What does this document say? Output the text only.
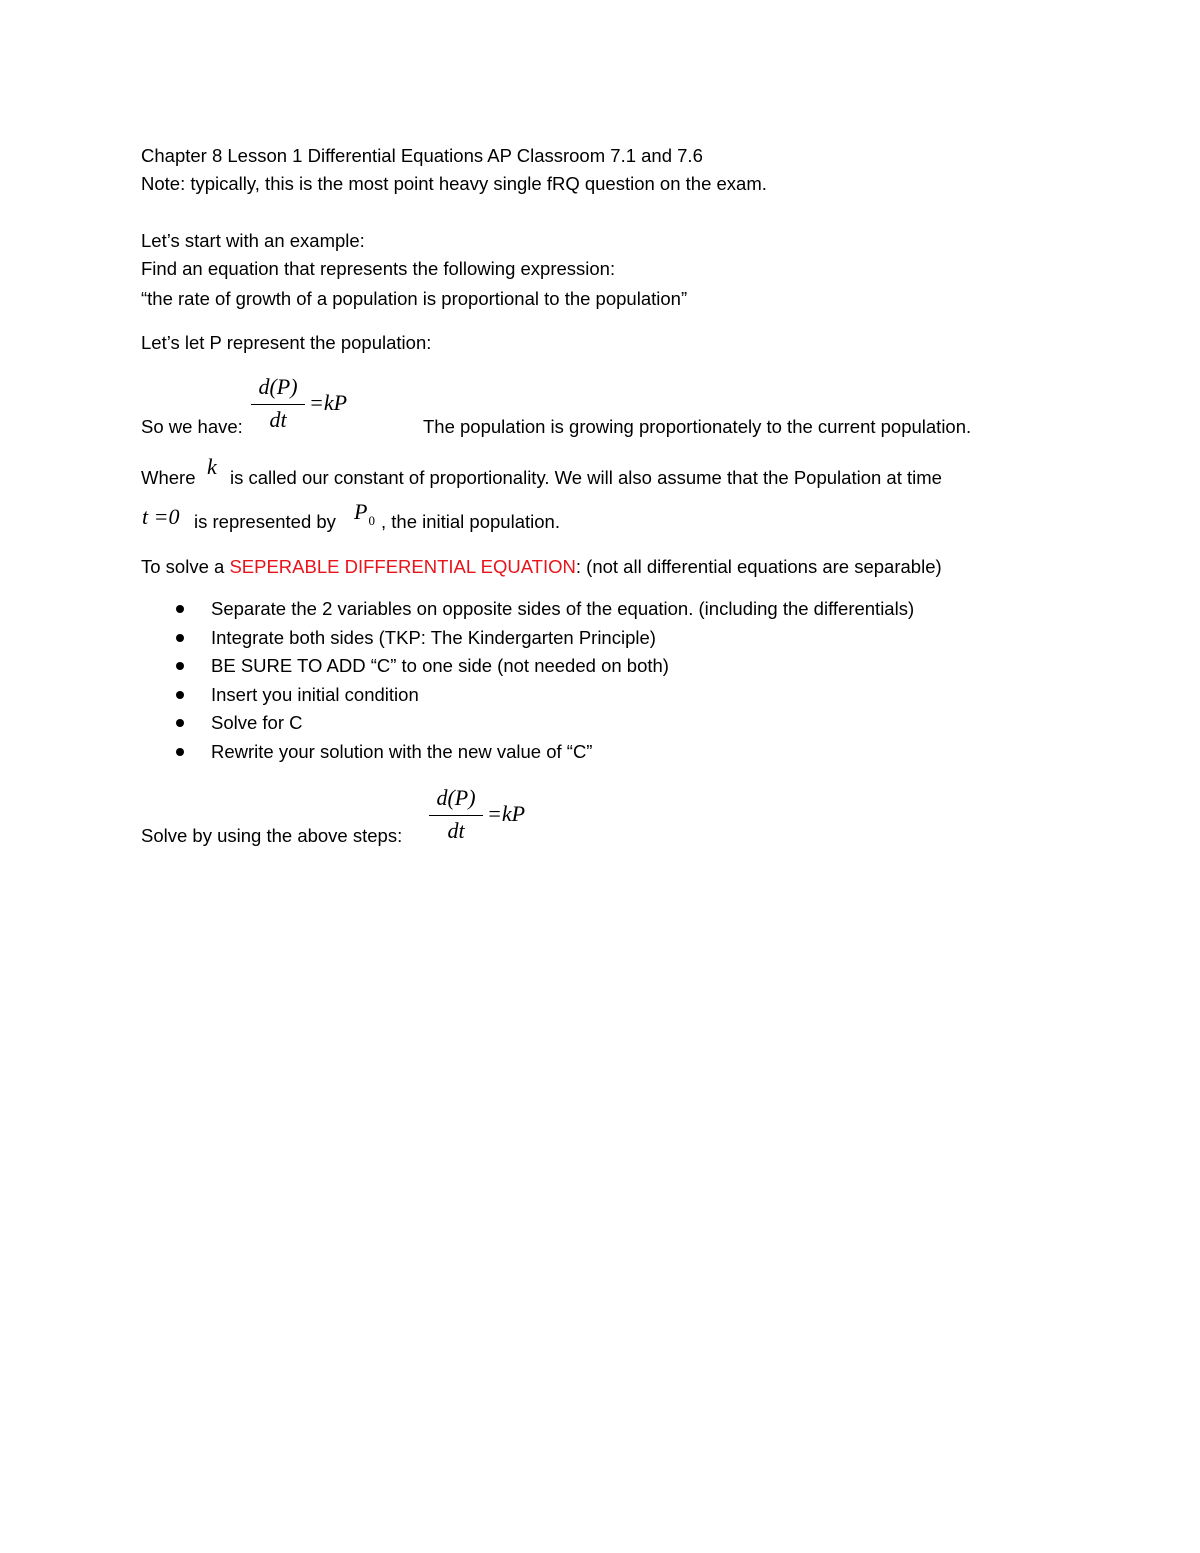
Chapter 8 Lesson 1 Differential Equations AP Classroom 7.1 and 7.6
Note: typically, this is the most point heavy single fRQ question on the exam.
Let’s start with an example:
Find an equation that represents the following expression:
“the rate of growth of a population is proportional to the population”
Let’s let P represent the population:
d(P)
dt
=kP
So we have:	The population is growing proportionately to the current population.
Where k is called our constant of proportionality. We will also assume that the Population at time
t =0 is represented by $P_0$ , the initial population.
To solve a SEPERABLE DIFFERENTIAL EQUATION: (not all differential equations are separable)
Separate the 2 variables on opposite sides of the equation. (including the differentials)
Integrate both sides (TKP: The Kindergarten Principle)
BE SURE TO ADD “C” to one side (not needed on both)
Insert you initial condition
Solve for C
Rewrite your solution with the new value of “C”
d(P)
dt
=kP
Solve by using the above steps:
